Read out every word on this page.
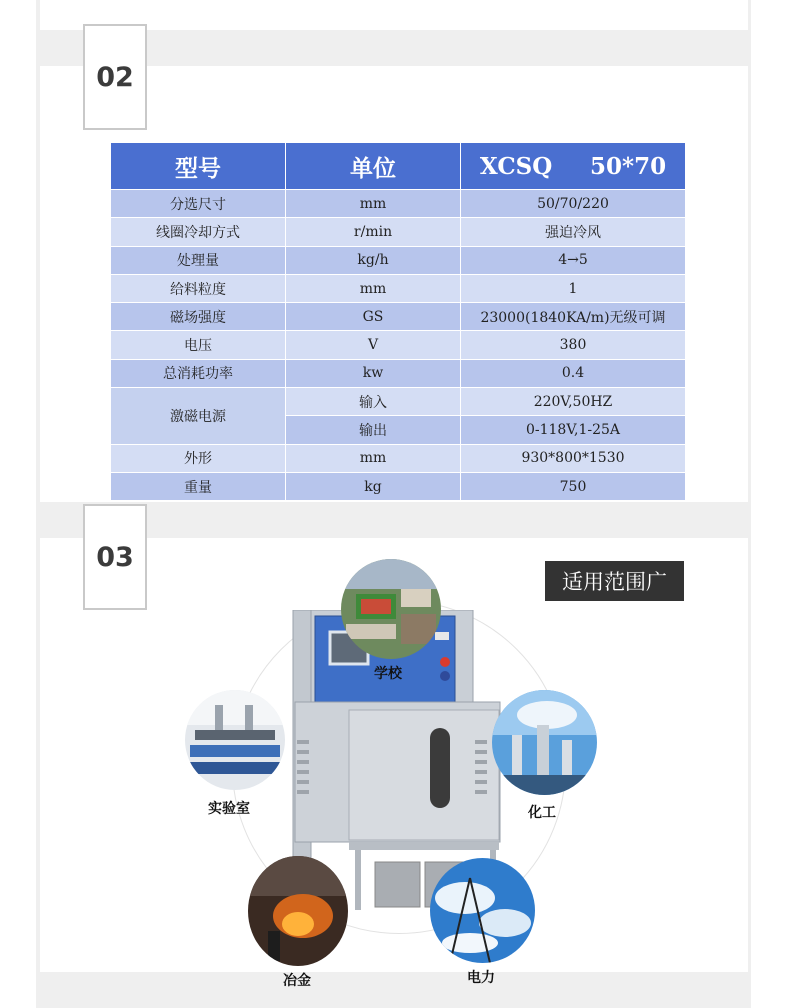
02
型号	单位	XCSQ 50*70

分选尺寸	mm	50/70/220
线圈冷却方式	r/min	强迫冷风
处理量	kg/h	4→5
给料粒度	mm	1
磁场强度	GS	23000(1840KA/m)无级可调
电压	V	380
总消耗功率	kw	0.4
激磁电源	输入	220V,50HZ
	输出	0-118V,1-25A
外形	mm	930*800*1530
重量	kg	750
03
适用范围广
学校
实验室	化工
冶金	电力
